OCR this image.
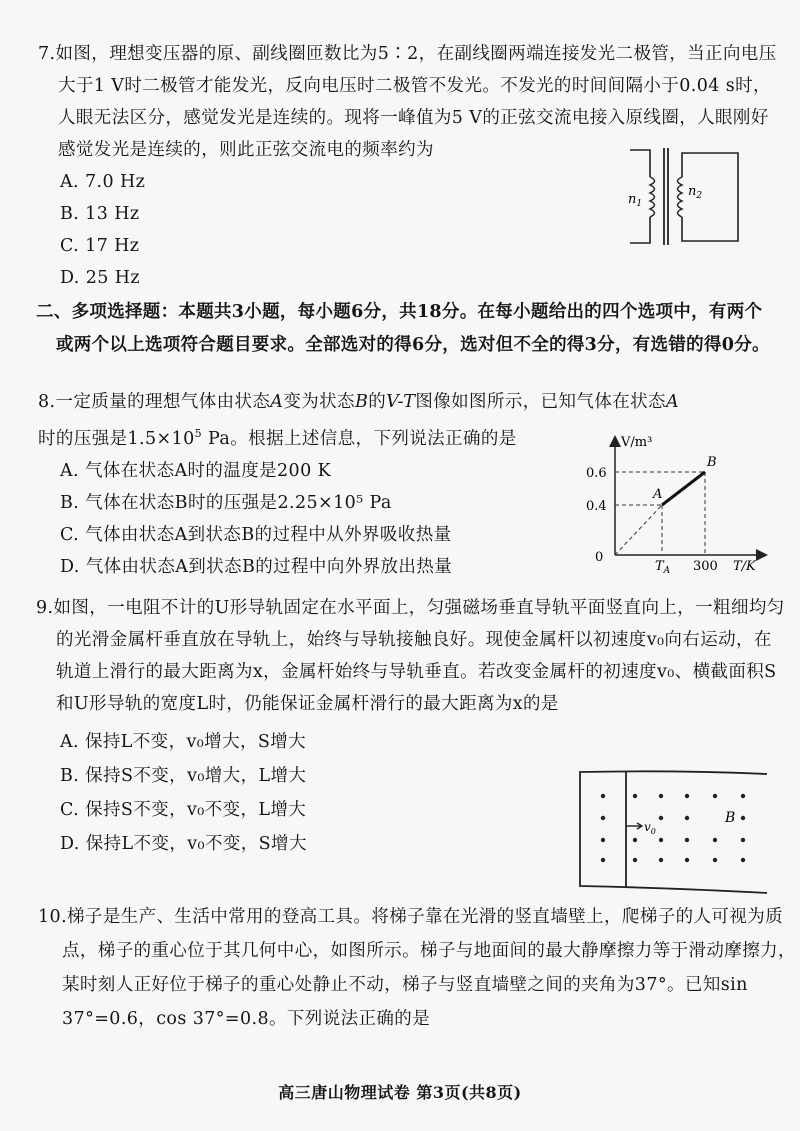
7.如图，理想变压器的原、副线圈匝数比为5∶2，在副线圈两端连接发光二极管，当正向电压大于1 V时二极管才能发光，反向电压时二极管不发光。不发光的时间间隔小于0.04 s时，人眼无法区分，感觉发光是连续的。现将一峰值为5 V的正弦交流电接入原线圈，人眼刚好感觉发光是连续的，则此正弦交流电的频率约为

A. 7.0 Hz
B. 13 Hz
C. 17 Hz
D. 25 Hz
$n_1$
$n_2$

二、多项选择题：本题共3小题，每小题6分，共18分。在每小题给出的四个选项中，有两个或两个以上选项符合题目要求。全部选对的得6分，选对但不全的得3分，有选错的得0分。

8.一定质量的理想气体由状态A变为状态B的V-T图像如图所示，已知气体在状态A
时的压强是$1.5\times 10^5$ Pa。根据上述信息，下列说法正确的是

A. 气体在状态A时的温度是200 K
B. 气体在状态B时的压强是2.25×10⁵ Pa
C. 气体由状态A到状态B的过程中从外界吸收热量
D. 气体由状态A到状态B的过程中向外界放出热量
V/m³
T/K
0
0.6
0.4
$T_A$ 300
A
B

9.如图，一电阻不计的U形导轨固定在水平面上，匀强磁场垂直导轨平面竖直向上，一粗细均匀的光滑金属杆垂直放在导轨上，始终与导轨接触良好。现使金属杆以初速度v₀向右运动，在轨道上滑行的最大距离为x，金属杆始终与导轨垂直。若改变金属杆的初速度v₀、横截面积S和U形导轨的宽度L时，仍能保证金属杆滑行的最大距离为x的是

A. 保持L不变，v₀增大，S增大
B. 保持S不变，v₀增大，L增大
C. 保持S不变，v₀不变，L增大
D. 保持L不变，v₀不变，S增大
$v_0$
B

10.梯子是生产、生活中常用的登高工具。将梯子靠在光滑的竖直墙壁上，爬梯子的人可视为质点，梯子的重心位于其几何中心，如图所示。梯子与地面间的最大静摩擦力等于滑动摩擦力，某时刻人正好位于梯子的重心处静止不动，梯子与竖直墙壁之间的夹角为37°。已知sin 37°=0.6，cos 37°=0.8。下列说法正确的是

高三唐山物理试卷 第3页(共8页)
